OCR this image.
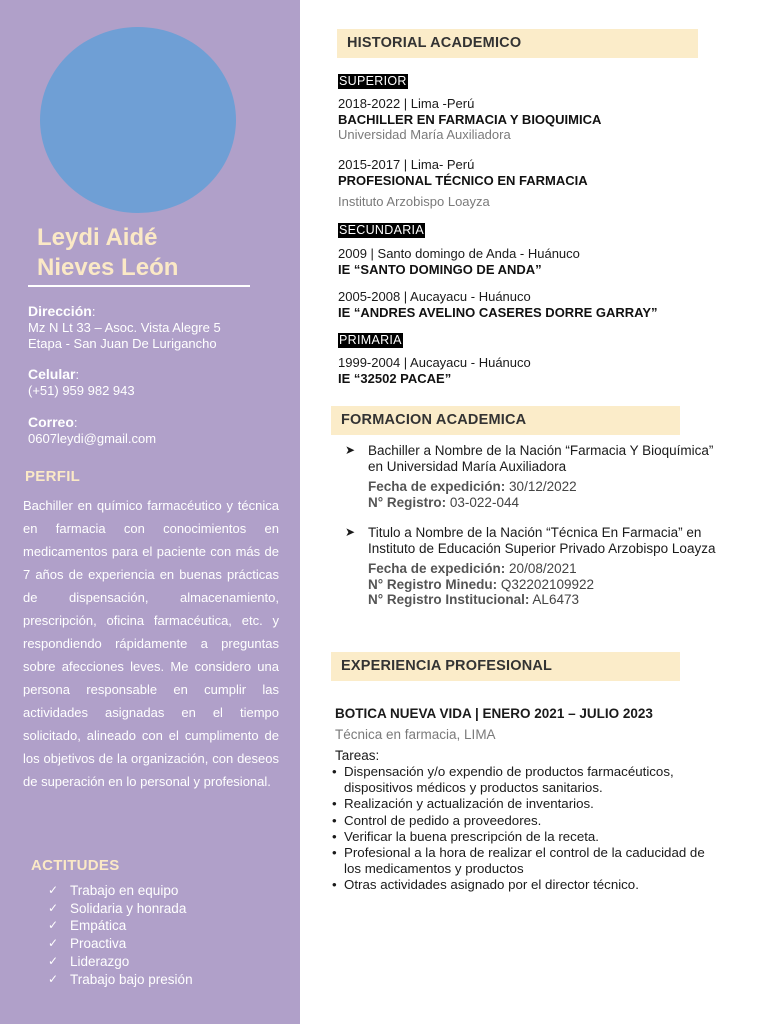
Leydi Aidé
Nieves León
Dirección:
Mz N Lt 33 – Asoc. Vista Alegre 5
Etapa - San Juan De Lurigancho
Celular:
(+51) 959 982 943
Correo:
0607leydi@gmail.com
PERFIL

Bachiller en químico farmacéutico y técnica en farmacia con conocimientos en medicamentos para el paciente con más de 7 años de experiencia en buenas prácticas de dispensación, almacenamiento, prescripción, oficina farmacéutica, etc. y respondiendo rápidamente a preguntas sobre afecciones leves. Me considero una persona responsable en cumplir las actividades asignadas en el tiempo solicitado, alineado con el cumplimento de los objetivos de la organización, con deseos de superación en lo personal y profesional.

ACTITUDES
✓ Trabajo en equipo
✓ Solidaria y honrada
✓ Empática
✓ Proactiva
✓ Liderazgo
✓ Trabajo bajo presión
HISTORIAL ACADEMICO
SUPERIOR
2018-2022 | Lima -Perú
BACHILLER EN FARMACIA Y BIOQUIMICA
Universidad María Auxiliadora
2015-2017 | Lima- Perú
PROFESIONAL TÉCNICO EN FARMACIA
Instituto Arzobispo Loayza
SECUNDARIA
2009 | Santo domingo de Anda - Huánuco
IE “SANTO DOMINGO DE ANDA”
2005-2008 | Aucayacu - Huánuco
IE “ANDRES AVELINO CASERES DORRE GARRAY”
PRIMARIA
1999-2004 | Aucayacu - Huánuco
IE “32502 PACAE”
FORMACION ACADEMICA
➤ Bachiller a Nombre de la Nación “Farmacia Y Bioquímica” en Universidad María Auxiliadora
Fecha de expedición: 30/12/2022
N° Registro: 03-022-044
➤ Titulo a Nombre de la Nación “Técnica En Farmacia” en Instituto de Educación Superior Privado Arzobispo Loayza
Fecha de expedición: 20/08/2021
N° Registro Minedu: Q32202109922
N° Registro Institucional: AL6473
EXPERIENCIA PROFESIONAL
BOTICA NUEVA VIDA | ENERO 2021 – JULIO 2023
Técnica en farmacia, LIMA
Tareas:
• Dispensación y/o expendio de productos farmacéuticos, dispositivos médicos y productos sanitarios.
• Realización y actualización de inventarios.
• Control de pedido a proveedores.
• Verificar la buena prescripción de la receta.
• Profesional a la hora de realizar el control de la caducidad de los medicamentos y productos
• Otras actividades asignado por el director técnico.
